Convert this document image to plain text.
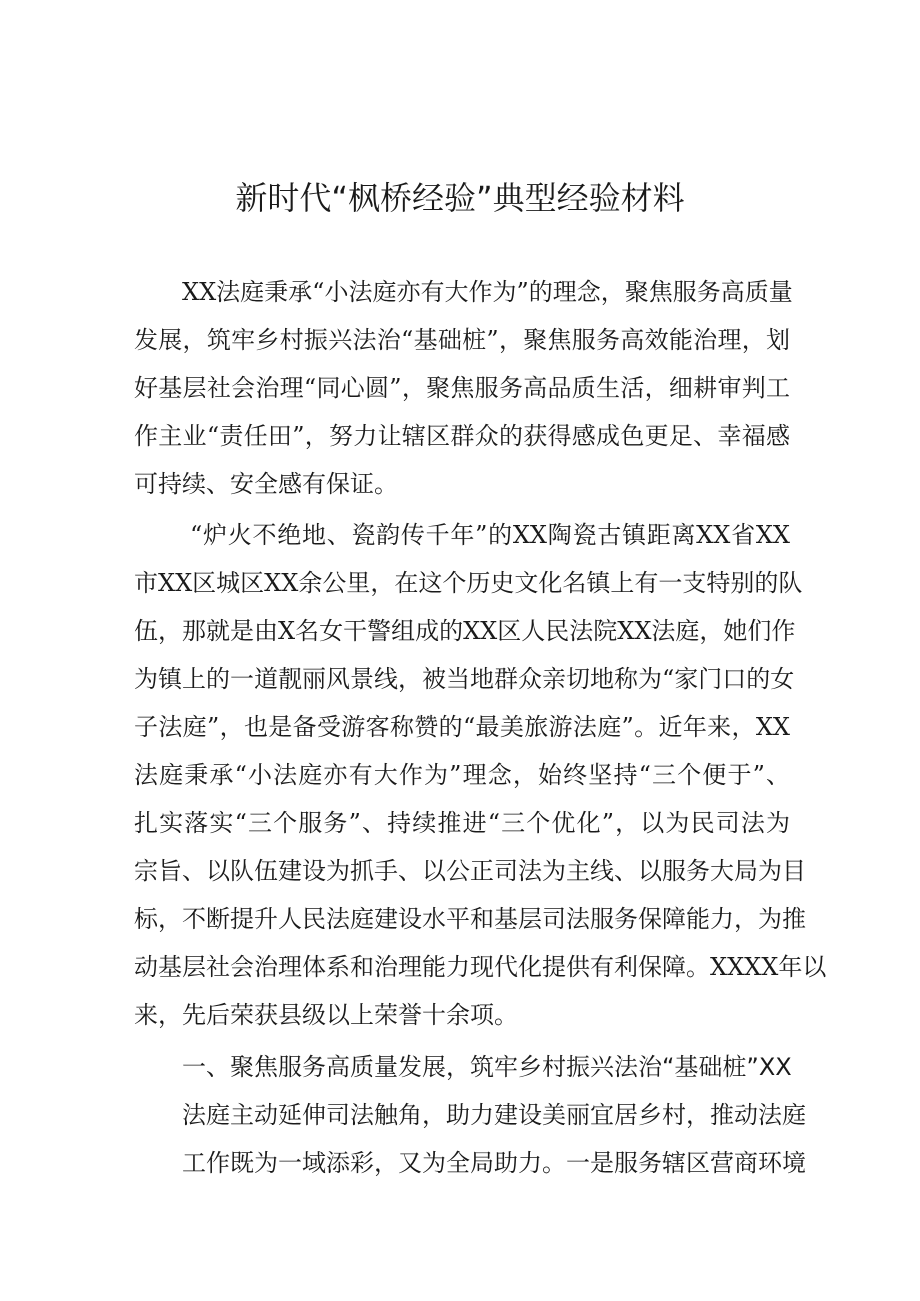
新时代“枫桥经验”典型经验材料

XX法庭秉承“小法庭亦有大作为”的理念，聚焦服务高质量

发展，筑牢乡村振兴法治“基础桩”，聚焦服务高效能治理，划

好基层社会治理“同心圆”，聚焦服务高品质生活，细耕审判工

作主业“责任田”，努力让辖区群众的获得感成色更足、幸福感

可持续、安全感有保证。

“炉火不绝地、瓷韵传千年”的XX陶瓷古镇距离XX省XX

市XX区城区XX余公里，在这个历史文化名镇上有一支特别的队

伍，那就是由X名女干警组成的XX区人民法院XX法庭，她们作

为镇上的一道靓丽风景线，被当地群众亲切地称为“家门口的女

子法庭”，也是备受游客称赞的“最美旅游法庭”。近年来，XX

法庭秉承“小法庭亦有大作为”理念，始终坚持“三个便于”、

扎实落实“三个服务”、持续推进“三个优化”，以为民司法为

宗旨、以队伍建设为抓手、以公正司法为主线、以服务大局为目

标，不断提升人民法庭建设水平和基层司法服务保障能力，为推

动基层社会治理体系和治理能力现代化提供有利保障。XXXX年以

来，先后荣获县级以上荣誉十余项。

一、聚焦服务高质量发展，筑牢乡村振兴法治“基础桩”XX

法庭主动延伸司法触角，助力建设美丽宜居乡村，推动法庭

工作既为一域添彩，又为全局助力。一是服务辖区营商环境
